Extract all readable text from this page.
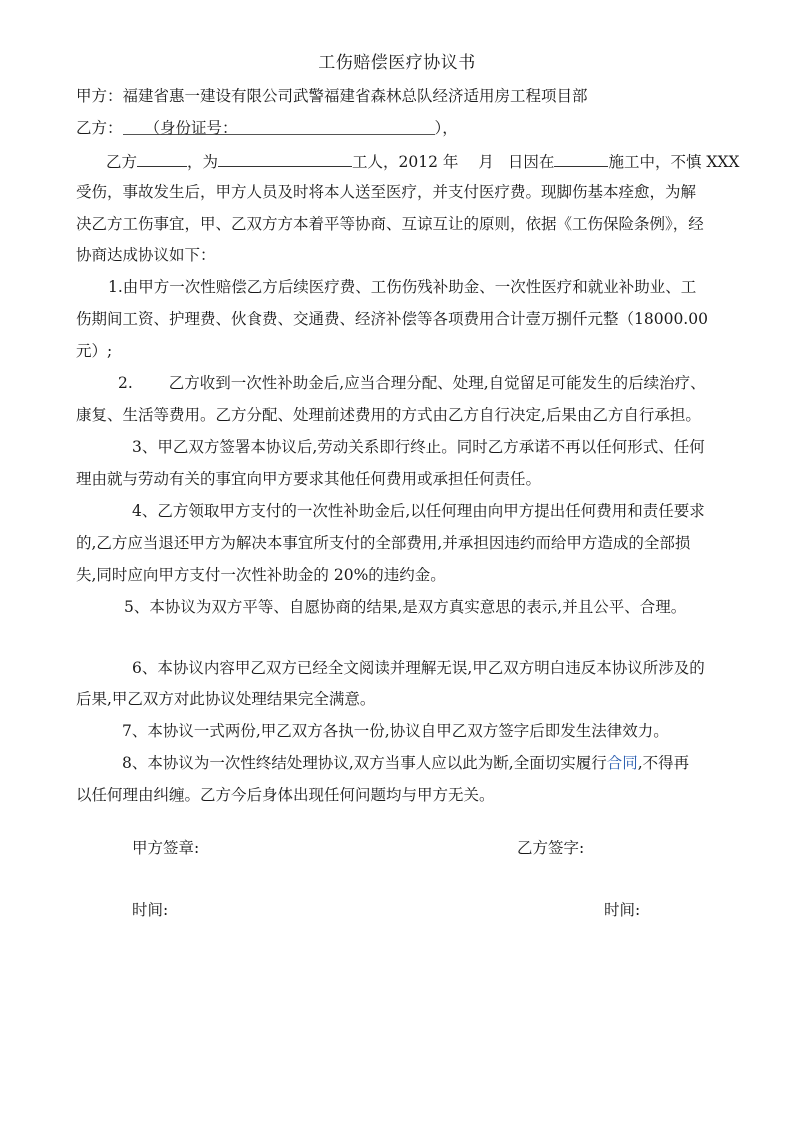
工伤赔偿医疗协议书
甲方：福建省惠一建设有限公司武警福建省森林总队经济适用房工程项目部
乙方： （身份证号：	），
乙方	，为	工人，2012 年 月 日因在	施工中，不慎 XXX
受伤，事故发生后，甲方人员及时将本人送至医疗，并支付医疗费。现脚伤基本痊愈，为解
决乙方工伤事宜，甲、乙双方方本着平等协商、互谅互让的原则，依据《工伤保险条例》，经
协商达成协议如下：
1.由甲方一次性赔偿乙方后续医疗费、工伤伤残补助金、一次性医疗和就业补助业、工
伤期间工资、护理费、伙食费、交通费、经济补偿等各项费用合计壹万捌仟元整（18000.00
元）;
2. 乙方收到一次性补助金后,应当合理分配、处理,自觉留足可能发生的后续治疗、
康复、生活等费用。乙方分配、处理前述费用的方式由乙方自行决定,后果由乙方自行承担。
3、甲乙双方签署本协议后,劳动关系即行终止。同时乙方承诺不再以任何形式、任何
理由就与劳动有关的事宜向甲方要求其他任何费用或承担任何责任。
4、乙方领取甲方支付的一次性补助金后,以任何理由向甲方提出任何费用和责任要求
的,乙方应当退还甲方为解决本事宜所支付的全部费用,并承担因违约而给甲方造成的全部损
失,同时应向甲方支付一次性补助金的 20%的违约金。
5、本协议为双方平等、自愿协商的结果,是双方真实意思的表示,并且公平、合理。
6、本协议内容甲乙双方已经全文阅读并理解无误,甲乙双方明白违反本协议所涉及的
后果,甲乙双方对此协议处理结果完全满意。
7、本协议一式两份,甲乙双方各执一份,协议自甲乙双方签字后即发生法律效力。
8、本协议为一次性终结处理协议,双方当事人应以此为断,全面切实履行合同,不得再
以任何理由纠缠。乙方今后身体出现任何问题均与甲方无关。
甲方签章:	乙方签字:
时间:	时间:
